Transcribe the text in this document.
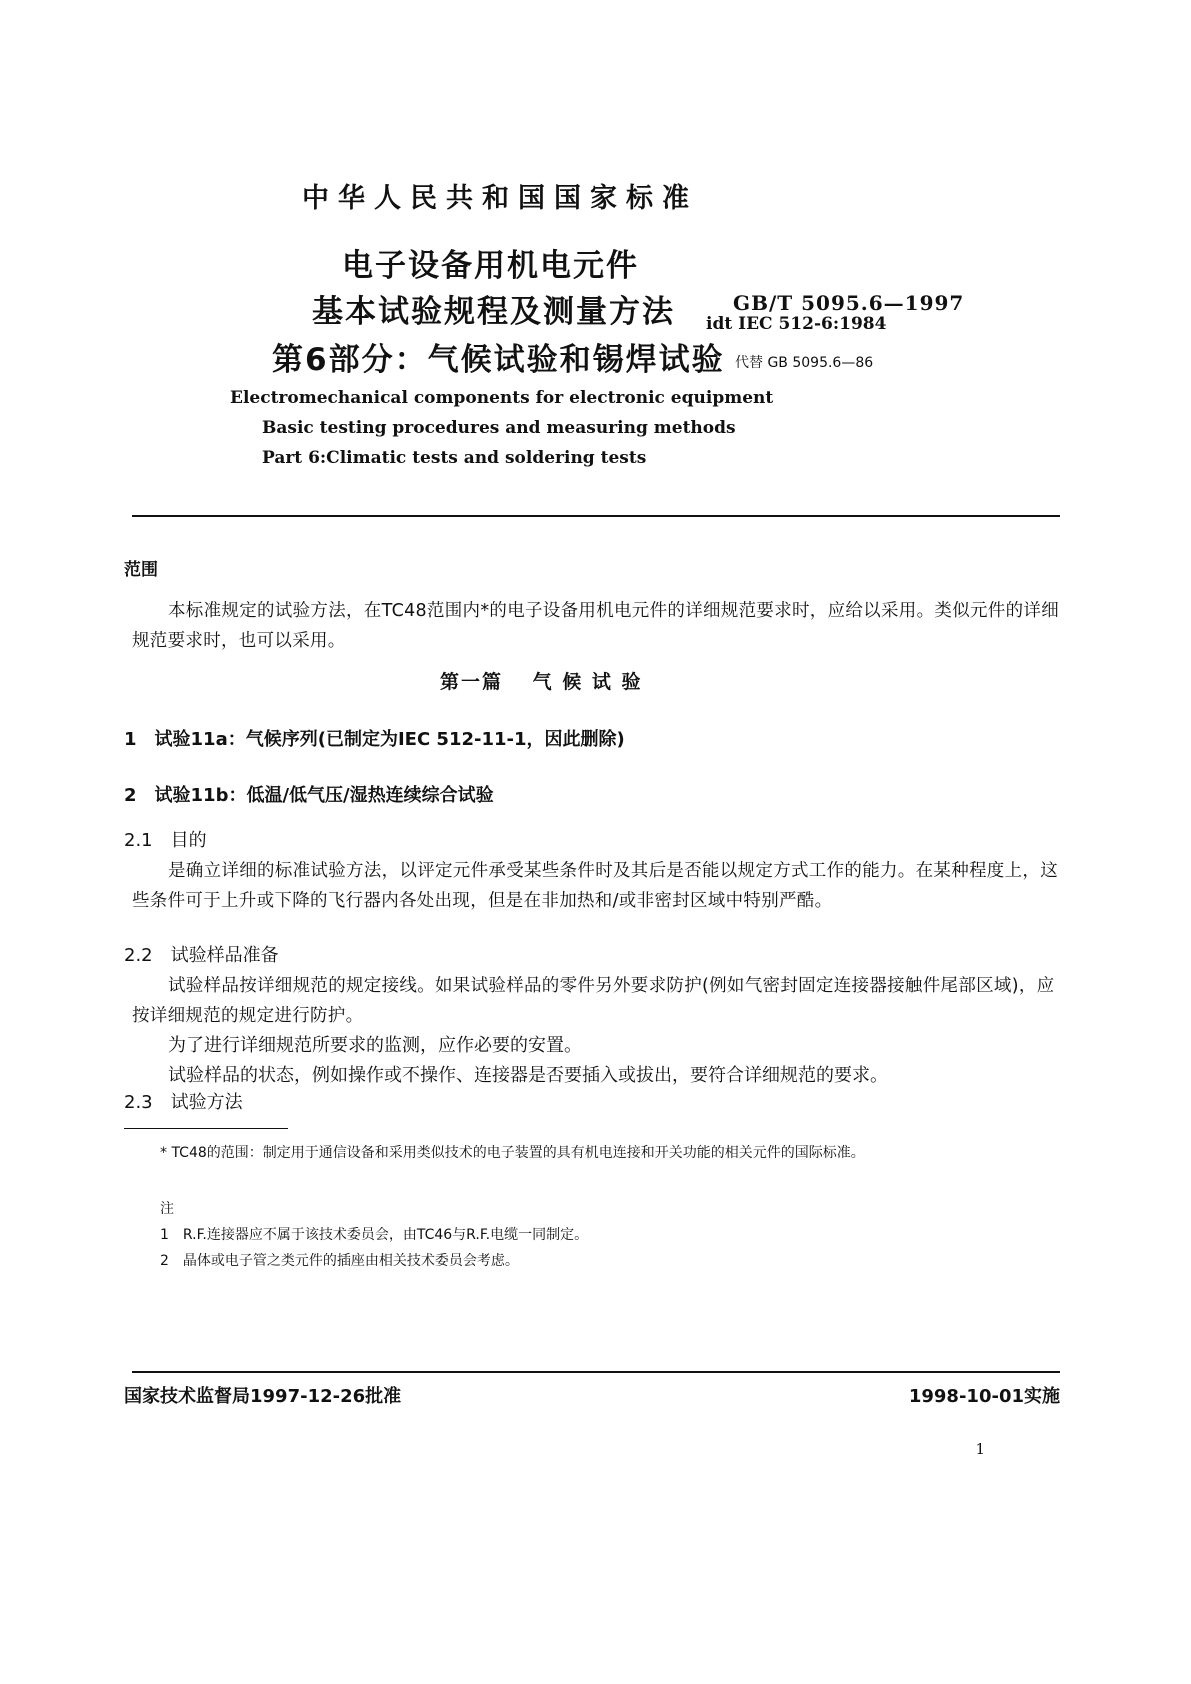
中华人民共和国国家标准
电子设备用机电元件
基本试验规程及测量方法
第6部分：气候试验和锡焊试验
GB/T 5095.6—1997
idt IEC 512-6:1984
代替 GB 5095.6—86
Electromechanical components for electronic equipment
Basic testing procedures and measuring methods
Part 6:Climatic tests and soldering tests
范围
本标准规定的试验方法，在TC48范围内*的电子设备用机电元件的详细规范要求时，应给以采用。类似元件的详细规范要求时，也可以采用。
第一篇　 气 候 试 验
1　试验11a：气候序列(已制定为IEC 512-11-1，因此删除)
2　试验11b：低温/低气压/湿热连续综合试验
2.1　目的
是确立详细的标准试验方法，以评定元件承受某些条件时及其后是否能以规定方式工作的能力。在某种程度上，这些条件可于上升或下降的飞行器内各处出现，但是在非加热和/或非密封区域中特别严酷。
2.2　试验样品准备
试验样品按详细规范的规定接线。如果试验样品的零件另外要求防护(例如气密封固定连接器接触件尾部区域)，应按详细规范的规定进行防护。
为了进行详细规范所要求的监测，应作必要的安置。
试验样品的状态，例如操作或不操作、连接器是否要插入或拔出，要符合详细规范的要求。
2.3　试验方法
* TC48的范围：制定用于通信设备和采用类似技术的电子装置的具有机电连接和开关功能的相关元件的国际标准。
注
1　R.F.连接器应不属于该技术委员会，由TC46与R.F.电缆一同制定。
2　晶体或电子管之类元件的插座由相关技术委员会考虑。
国家技术监督局1997-12-26批准	1998-10-01实施
1
